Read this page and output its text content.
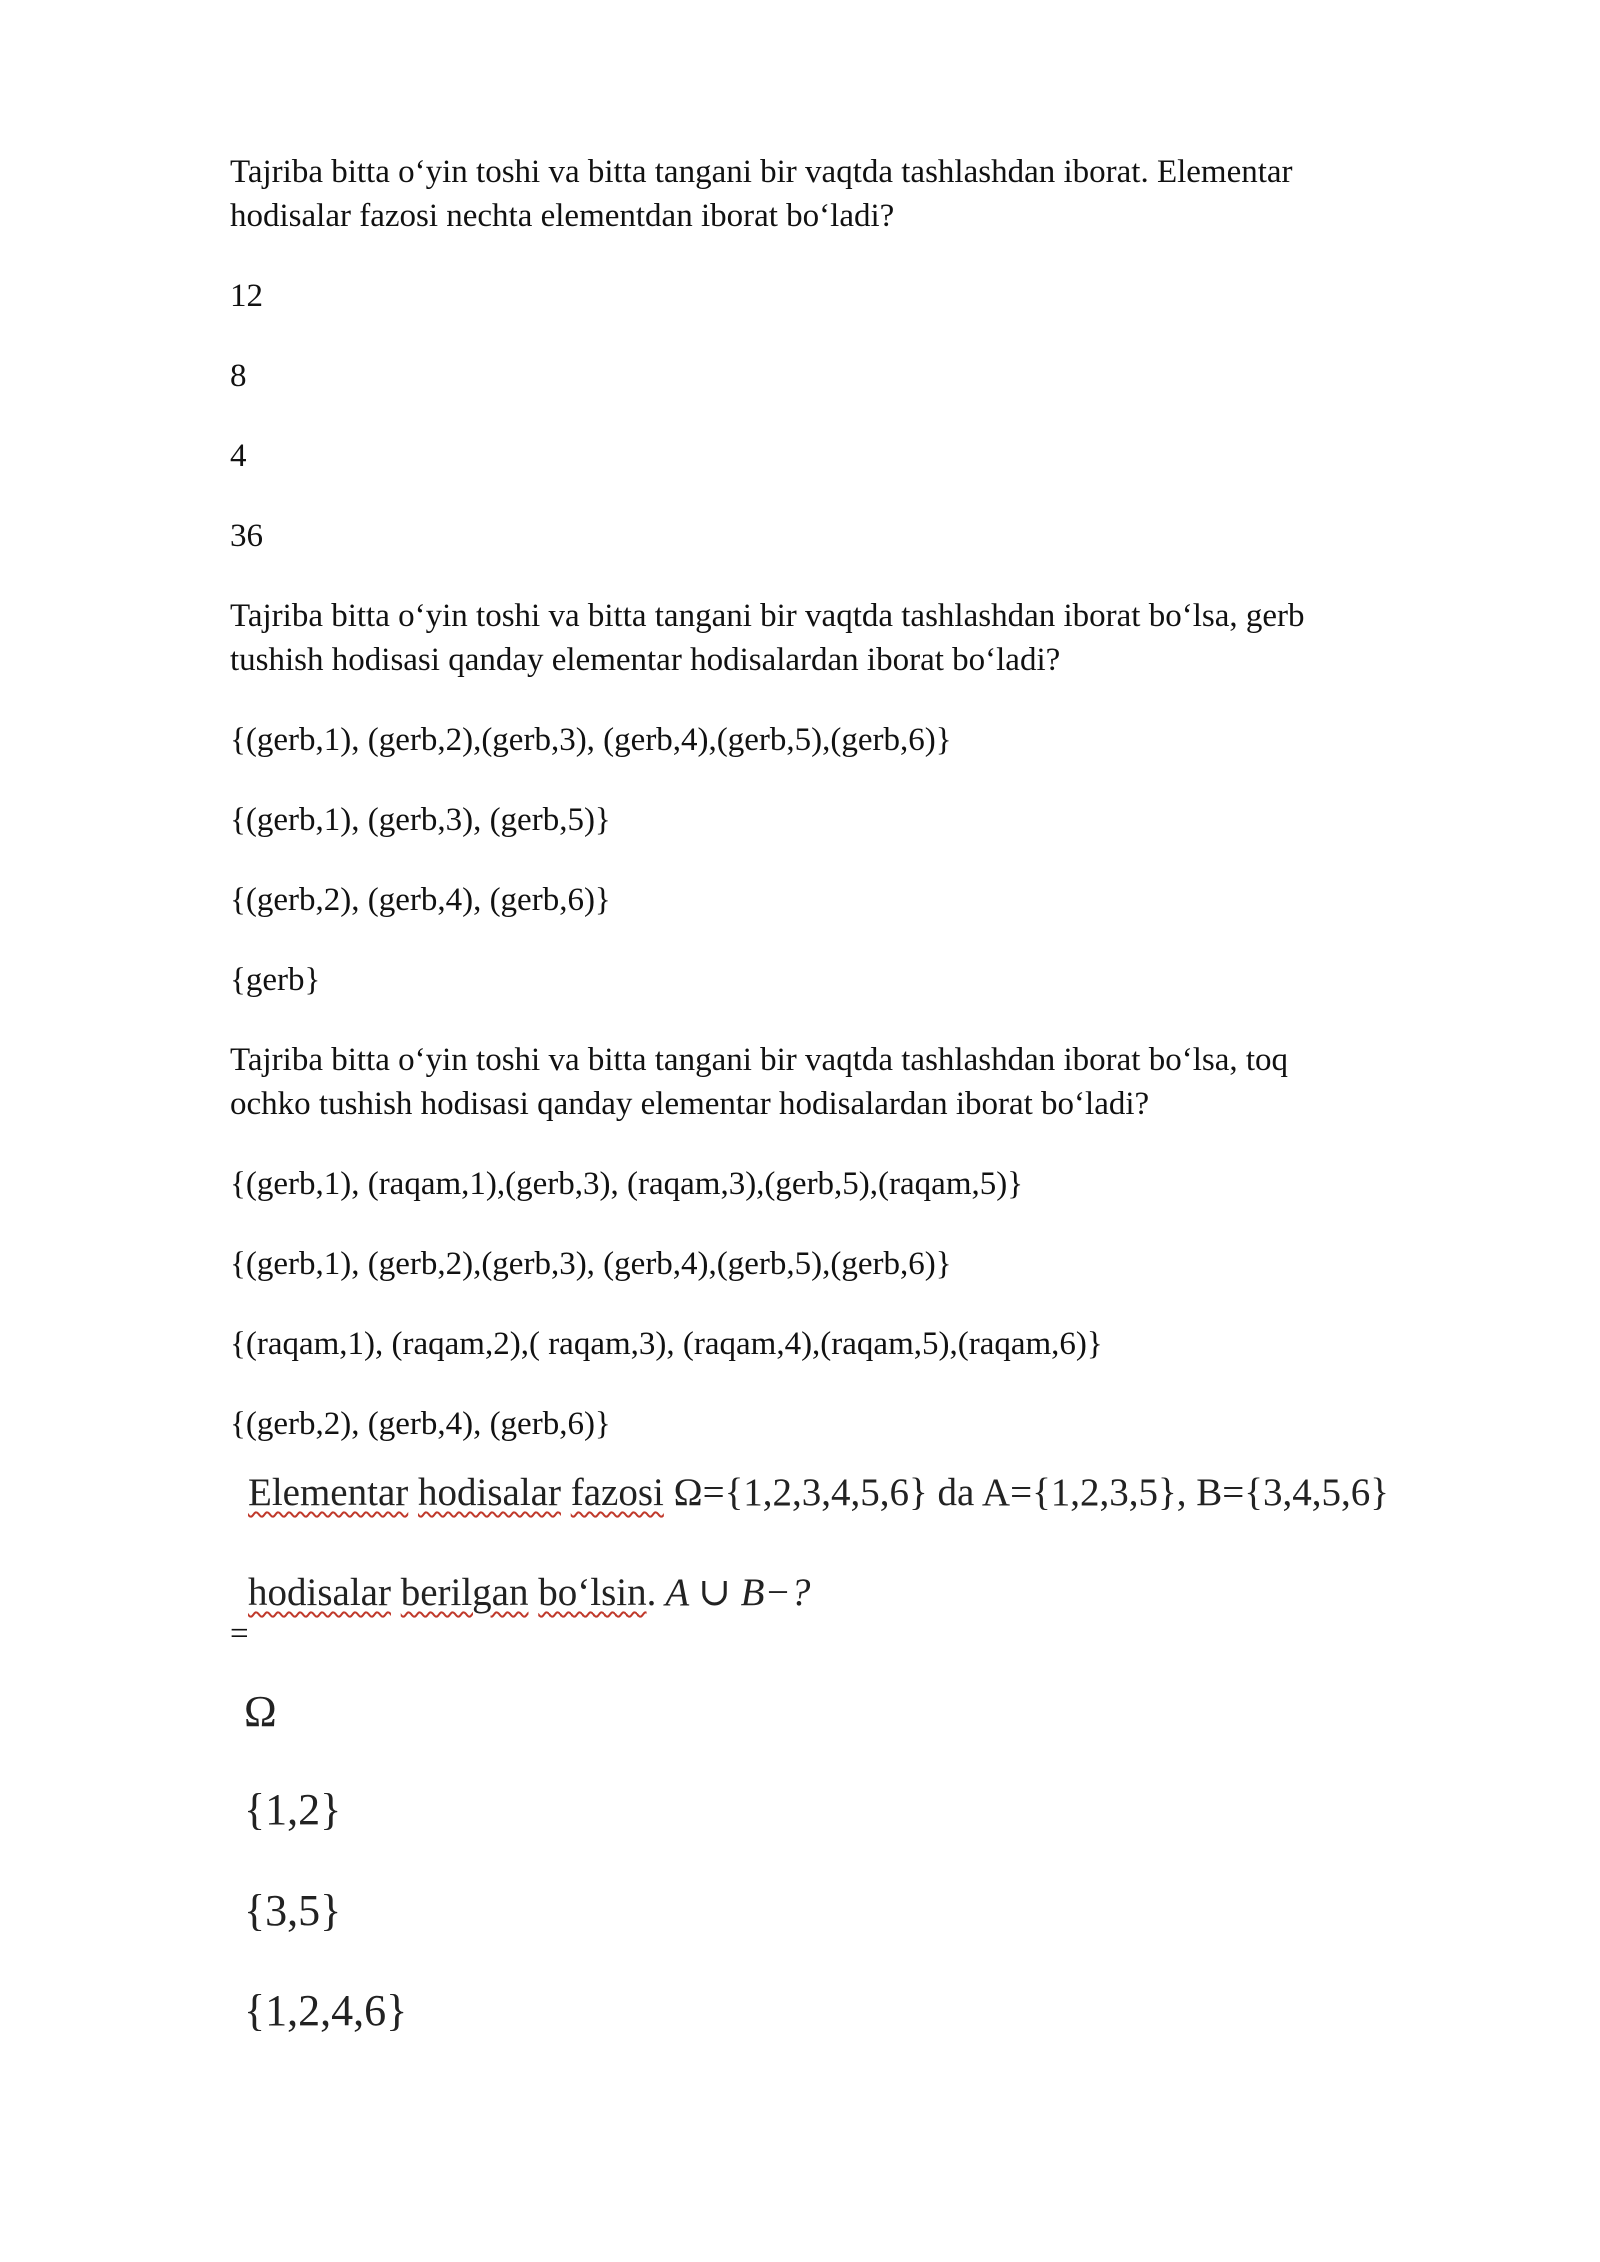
Tajriba bitta o‘yin toshi va bitta tangani bir vaqtda tashlashdan iborat. Elementar

hodisalar fazosi nechta elementdan iborat bo‘ladi?

12

8

4

36

Tajriba bitta o‘yin toshi va bitta tangani bir vaqtda tashlashdan iborat bo‘lsa, gerb

tushish hodisasi qanday elementar hodisalardan iborat bo‘ladi?

{(gerb,1), (gerb,2),(gerb,3), (gerb,4),(gerb,5),(gerb,6)}

{(gerb,1), (gerb,3), (gerb,5)}

{(gerb,2), (gerb,4), (gerb,6)}

{gerb}

Tajriba bitta o‘yin toshi va bitta tangani bir vaqtda tashlashdan iborat bo‘lsa, toq

ochko tushish hodisasi qanday elementar hodisalardan iborat bo‘ladi?

{(gerb,1), (raqam,1),(gerb,3), (raqam,3),(gerb,5),(raqam,5)}

{(gerb,1), (gerb,2),(gerb,3), (gerb,4),(gerb,5),(gerb,6)}

{(raqam,1), (raqam,2),( raqam,3), (raqam,4),(raqam,5),(raqam,6)}

{(gerb,2), (gerb,4), (gerb,6)}

Elementar hodisalar fazosi Ω={1,2,3,4,5,6} da A={1,2,3,5}, B={3,4,5,6}
hodisalar berilgan bo‘lsin. A ∪ B−?
=
Ω
{1,2}
{3,5}
{1,2,4,6}
